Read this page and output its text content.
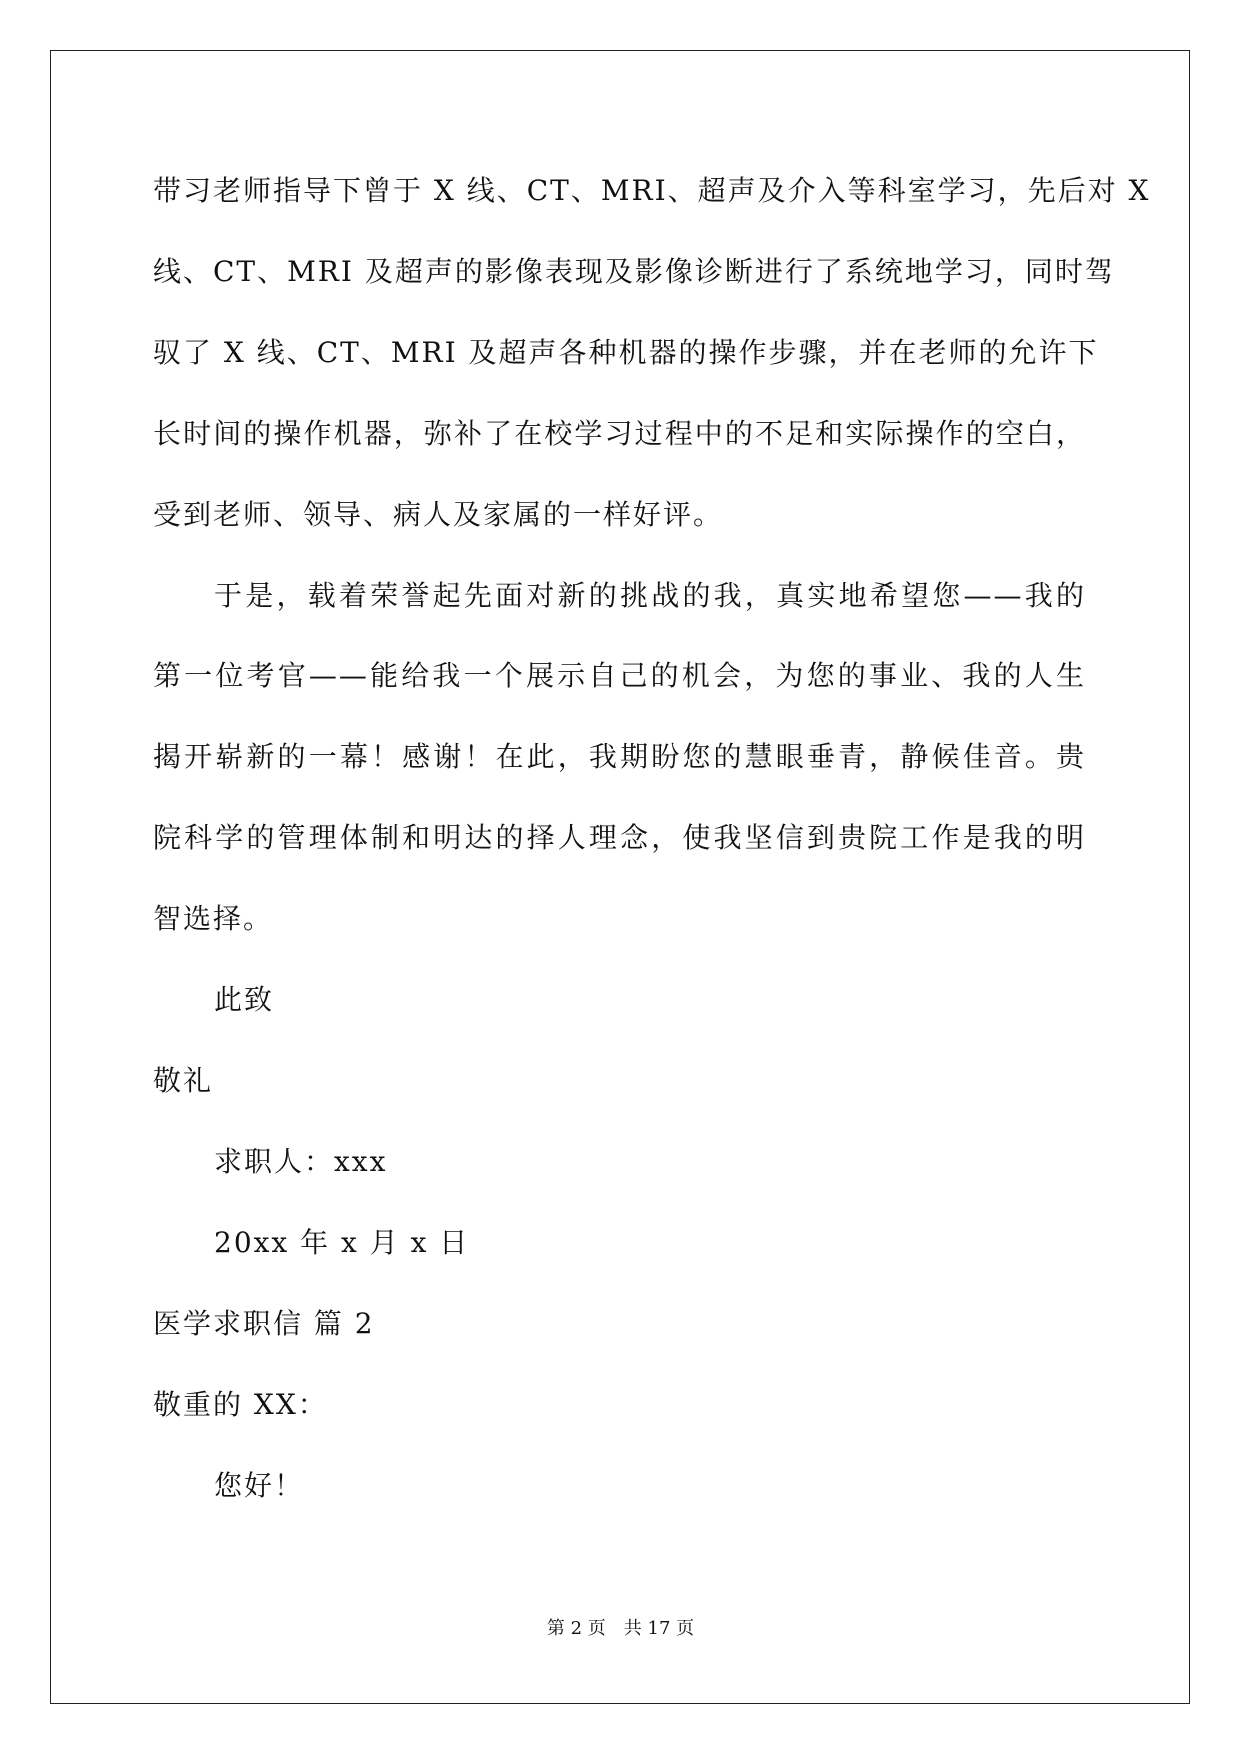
带习老师指导下曾于 X 线、CT、MRI、超声及介入等科室学习，先后对 X
线、CT、MRI 及超声的影像表现及影像诊断进行了系统地学习，同时驾
驭了 X 线、CT、MRI 及超声各种机器的操作步骤，并在老师的允许下
长时间的操作机器，弥补了在校学习过程中的不足和实际操作的空白，
受到老师、领导、病人及家属的一样好评。
于是，载着荣誉起先面对新的挑战的我，真实地希望您——我的
第一位考官——能给我一个展示自己的机会，为您的事业、我的人生
揭开崭新的一幕！感谢！在此，我期盼您的慧眼垂青，静候佳音。贵
院科学的管理体制和明达的择人理念，使我坚信到贵院工作是我的明
智选择。
此致
敬礼
求职人：xxx
20xx 年 x 月 x 日
医学求职信 篇 2
敬重的 XX：
您好！
第 2 页 共 17 页
